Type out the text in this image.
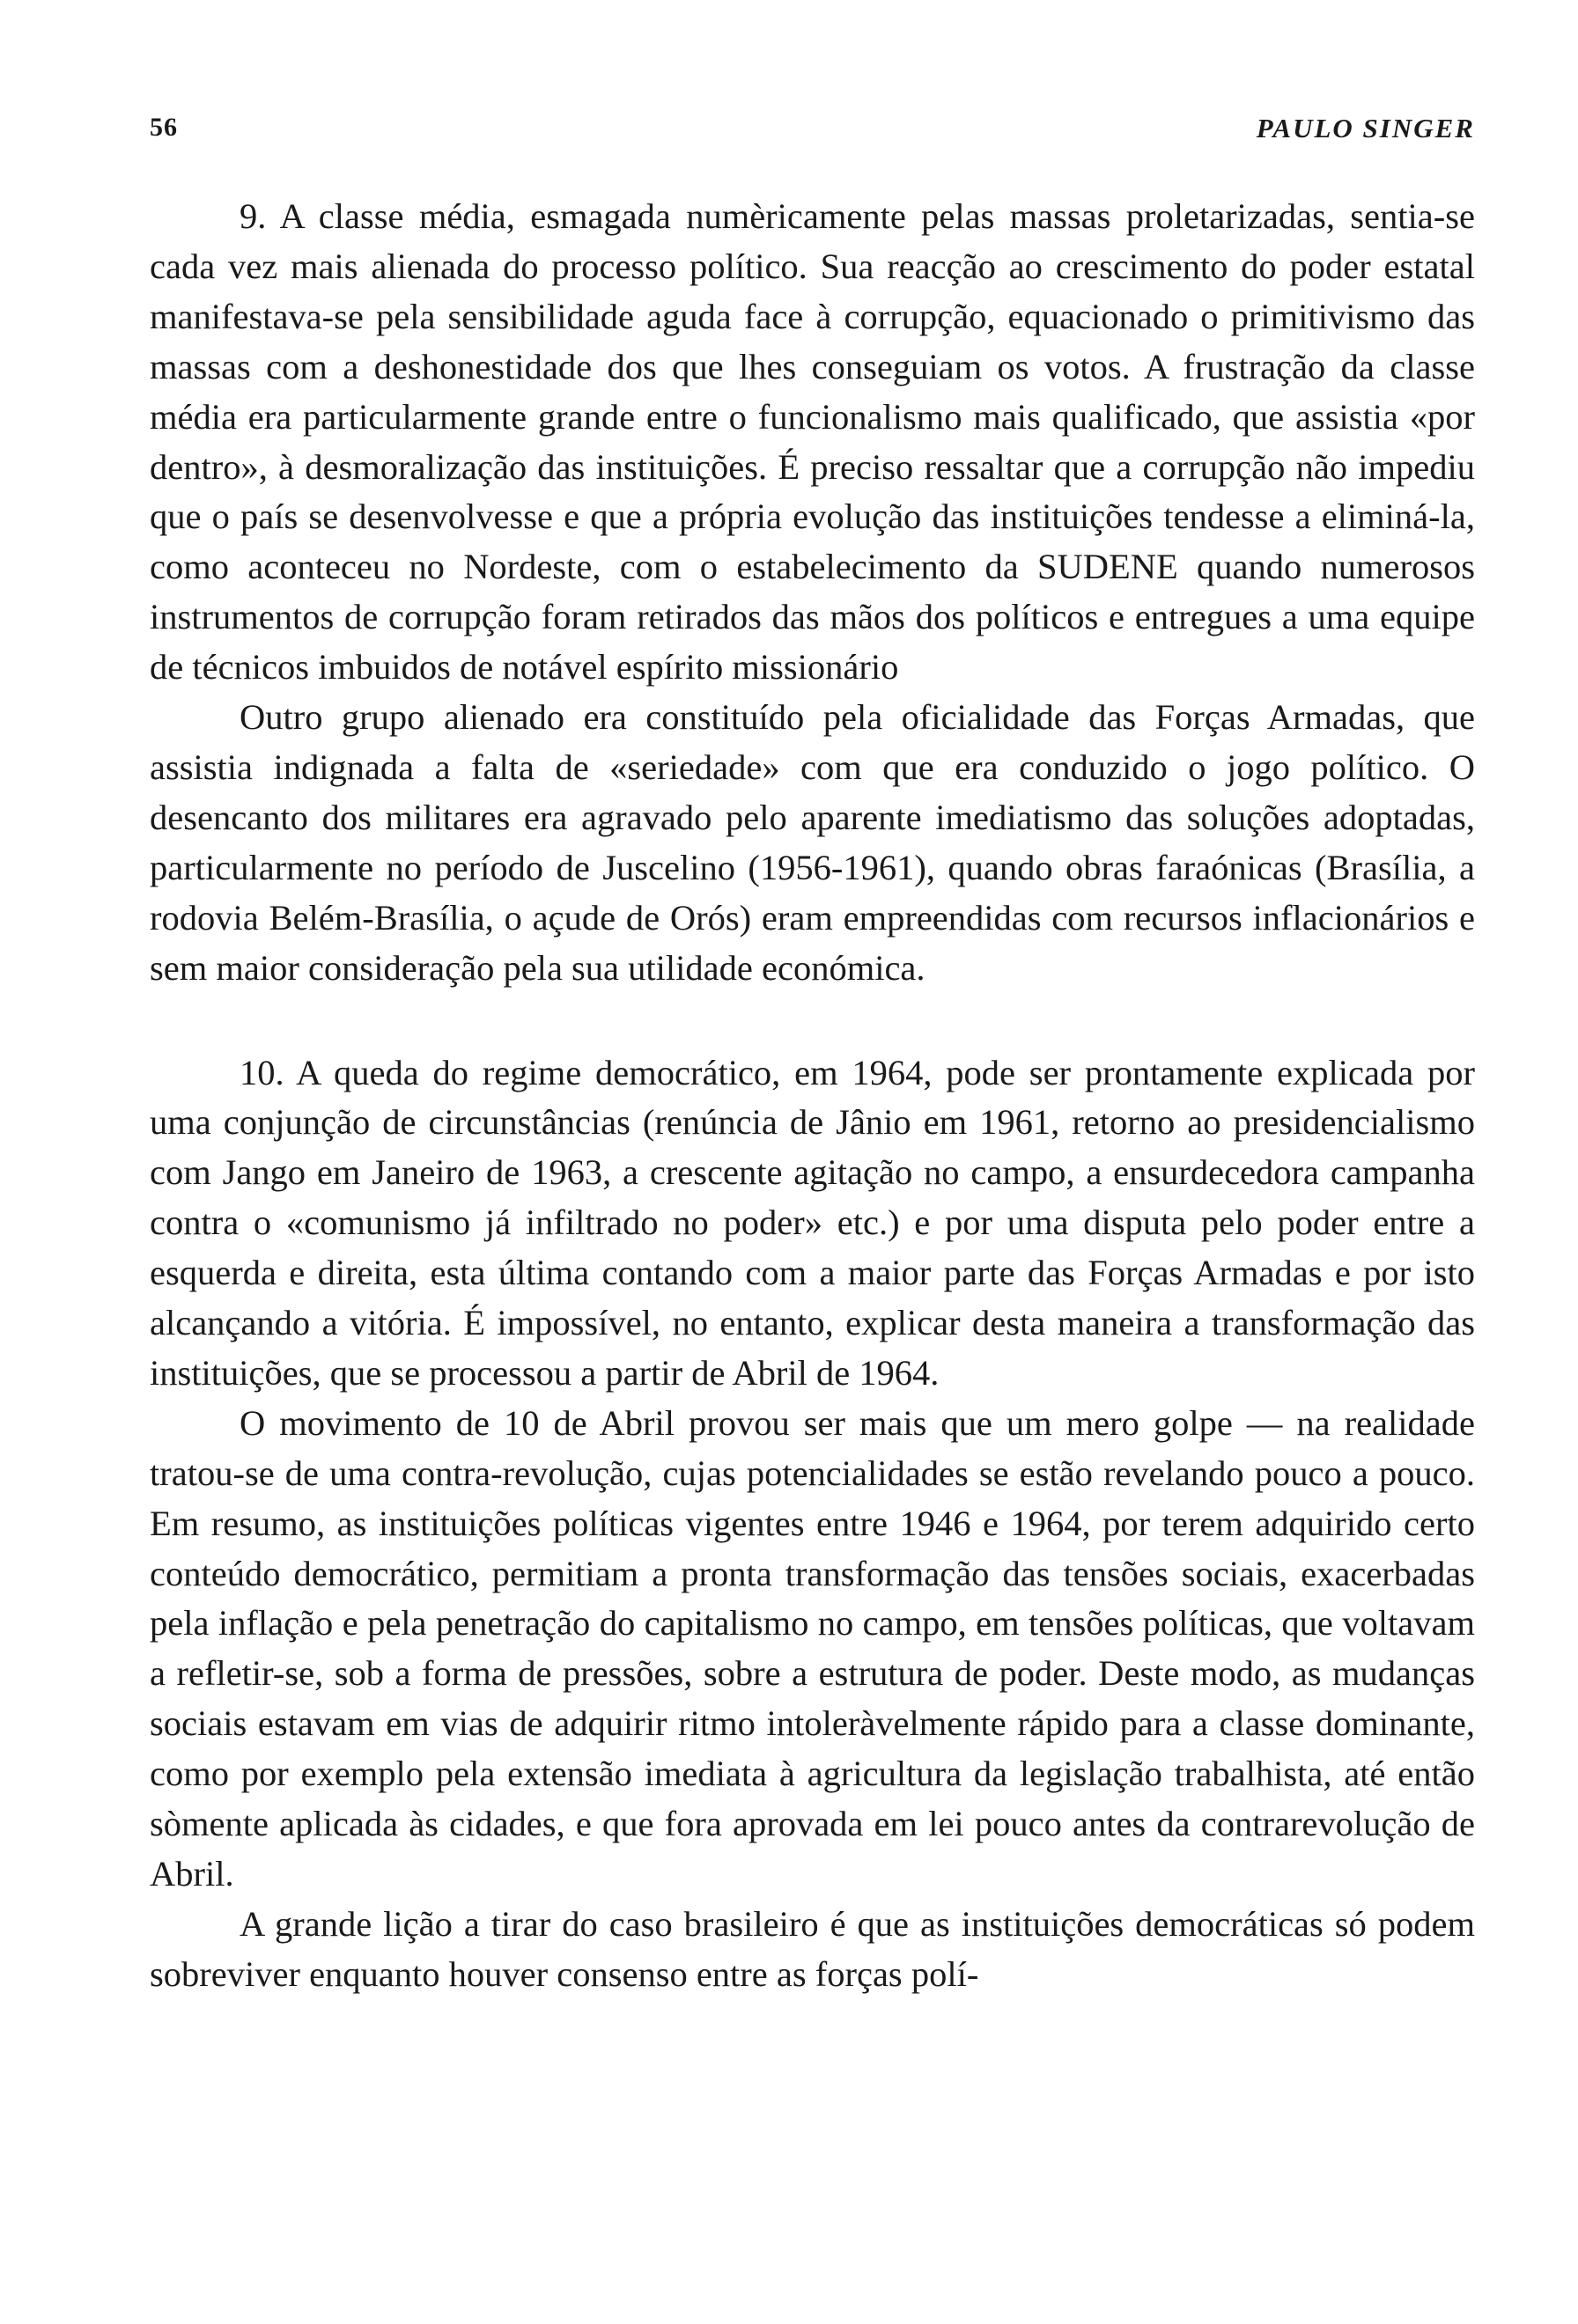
56	PAULO SINGER

9. A classe média, esmagada numèricamente pelas massas proletarizadas, sentia-se cada vez mais alienada do processo político. Sua reacção ao crescimento do poder estatal manifestava-se pela sensibilidade aguda face à corrupção, equacionado o primitivismo das massas com a deshonestidade dos que lhes conseguiam os votos. A frustração da classe média era particularmente grande entre o funcionalismo mais qualificado, que assistia «por dentro», à desmoralização das instituições. É preciso ressaltar que a corrupção não impediu que o país se desenvolvesse e que a própria evolução das instituições tendesse a eliminá-la, como aconteceu no Nordeste, com o estabelecimento da SUDENE quando numerosos instrumentos de corrupção foram retirados das mãos dos políticos e entregues a uma equipe de técnicos imbuidos de notável espírito missionário

Outro grupo alienado era constituído pela oficialidade das Forças Armadas, que assistia indignada a falta de «seriedade» com que era conduzido o jogo político. O desencanto dos militares era agravado pelo aparente imediatismo das soluções adoptadas, particularmente no período de Juscelino (1956-1961), quando obras faraónicas (Brasília, a rodovia Belém-Brasília, o açude de Orós) eram empreendidas com recursos inflacionários e sem maior consideração pela sua utilidade económica.

10. A queda do regime democrático, em 1964, pode ser prontamente explicada por uma conjunção de circunstâncias (renúncia de Jânio em 1961, retorno ao presidencialismo com Jango em Janeiro de 1963, a crescente agitação no campo, a ensurdecedora campanha contra o «comunismo já infiltrado no poder» etc.) e por uma disputa pelo poder entre a esquerda e direita, esta última contando com a maior parte das Forças Armadas e por isto alcançando a vitória. É impossível, no entanto, explicar desta maneira a transformação das instituições, que se processou a partir de Abril de 1964.

O movimento de 10 de Abril provou ser mais que um mero golpe — na realidade tratou-se de uma contra-revolução, cujas potencialidades se estão revelando pouco a pouco. Em resumo, as instituições políticas vigentes entre 1946 e 1964, por terem adquirido certo conteúdo democrático, permitiam a pronta transformação das tensões sociais, exacerbadas pela inflação e pela penetração do capitalismo no campo, em tensões políticas, que voltavam a refletir-se, sob a forma de pressões, sobre a estrutura de poder. Deste modo, as mudanças sociais estavam em vias de adquirir ritmo intoleràvelmente rápido para a classe dominante, como por exemplo pela extensão imediata à agricultura da legislação trabalhista, até então sòmente aplicada às cidades, e que fora aprovada em lei pouco antes da contrarevolução de Abril.

A grande lição a tirar do caso brasileiro é que as instituições democráticas só podem sobreviver enquanto houver consenso entre as forças polí-
